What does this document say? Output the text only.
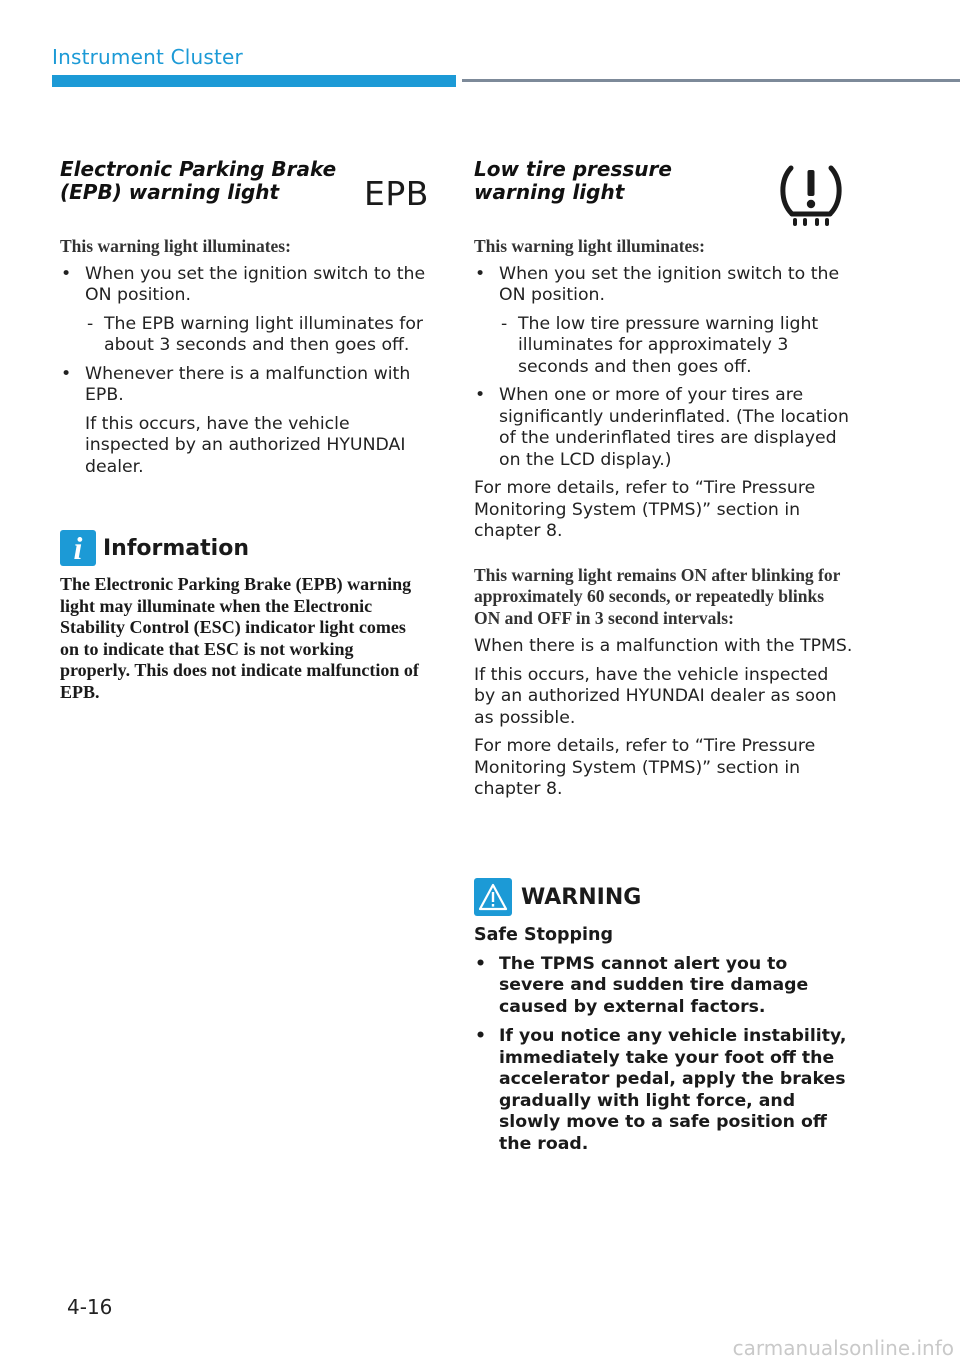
Instrument Cluster
Electronic Parking Brake (EPB) warning light	EPB

This warning light illuminates:

• When you set the ignition switch to the ON position.

- The EPB warning light illuminates for about 3 seconds and then goes off.

• Whenever there is a malfunction with EPB.

If this occurs, have the vehicle inspected by an authorized HYUNDAI dealer.

i Information

The Electronic Parking Brake (EPB) warning light may illuminate when the Electronic Stability Control (ESC) indicator light comes on to indicate that ESC is not working properly. This does not indicate malfunction of EPB.

Low tire pressure warning light

This warning light illuminates:

• When you set the ignition switch to the ON position.

- The low tire pressure warning light illuminates for approximately 3 seconds and then goes off.

• When one or more of your tires are significantly underinflated. (The location of the underinflated tires are displayed on the LCD display.)

For more details, refer to “Tire Pressure Monitoring System (TPMS)” section in chapter 8.

This warning light remains ON after blinking for approximately 60 seconds, or repeatedly blinks ON and OFF in 3 second intervals:

When there is a malfunction with the TPMS.

If this occurs, have the vehicle inspected by an authorized HYUNDAI dealer as soon as possible.

For more details, refer to “Tire Pressure Monitoring System (TPMS)” section in chapter 8.

WARNING

Safe Stopping

• The TPMS cannot alert you to severe and sudden tire damage caused by external factors.

• If you notice any vehicle instability, immediately take your foot off the accelerator pedal, apply the brakes gradually with light force, and slowly move to a safe position off the road.

4-16
carmanualsonline.info
